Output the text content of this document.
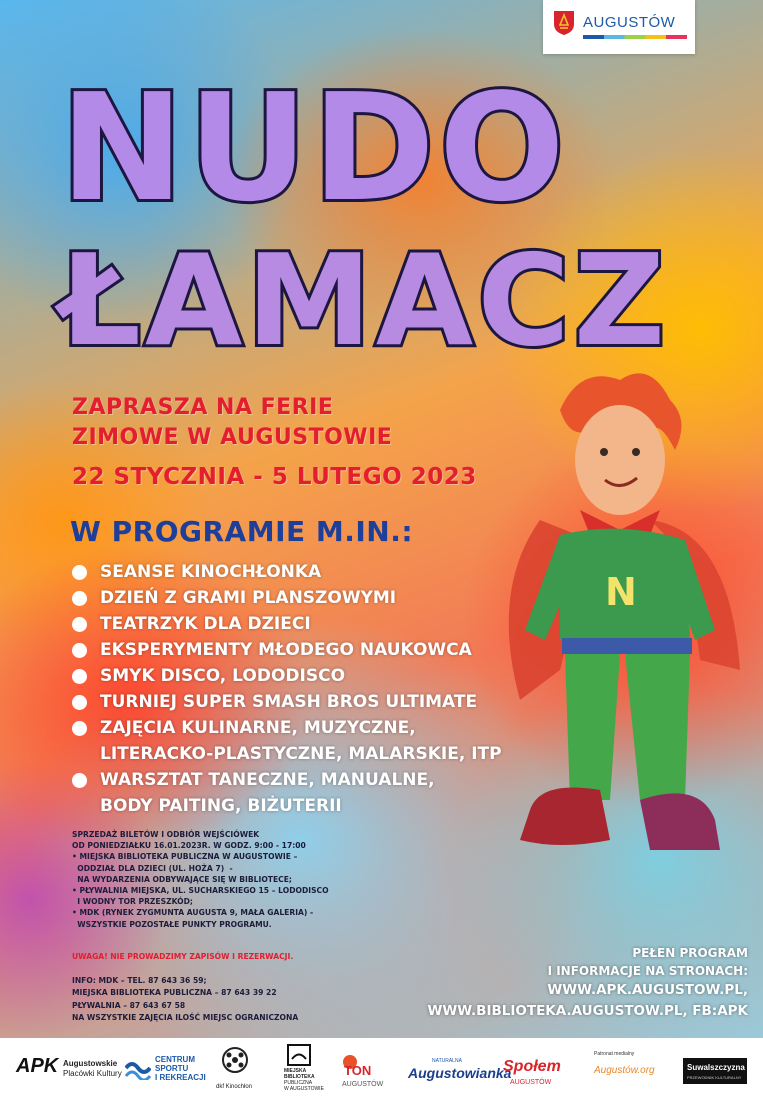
AUGUSTÓW
NUDO
ŁAMACZ
N
ZAPRASZA NA FERIE
ZIMOWE W AUGUSTOWIE
22 STYCZNIA - 5 LUTEGO 2023
W PROGRAMIE M.IN.:
SEANSE KINOCHŁONKA
DZIEŃ Z GRAMI PLANSZOWYMI
TEATRZYK DLA DZIECI
EKSPERYMENTY MŁODEGO NAUKOWCA
SMYK DISCO, LODODISCO
TURNIEJ SUPER SMASH BROS ULTIMATE
ZAJĘCIA KULINARNE, MUZYCZNE,
LITERACKO-PLASTYCZNE, MALARSKIE, ITP
WARSZTAT TANECZNE, MANUALNE,
BODY PAITING, BIŻUTERII
SPRZEDAŻ BILETÓW I ODBIÓR WEJŚCIÓWEK
OD PONIEDZIAŁKU 16.01.2023R. W GODZ. 9:00 - 17:00
• MIEJSKA BIBLIOTEKA PUBLICZNA W AUGUSTOWIE –
ODDZIAŁ DLA DZIECI (UL. HOŻA 7)  -
NA WYDARZENIA ODBYWAJĄCE SIĘ W BIBLIOTECE;
• PŁYWALNIA MIEJSKA, UL. SUCHARSKIEGO 15 – LODODISCO
I WODNY TOR PRZESZKÓD;
• MDK (RYNEK ZYGMUNTA AUGUSTA 9, MAŁA GALERIA) -
WSZYSTKIE POZOSTAŁE PUNKTY PROGRAMU.
UWAGA! NIE PROWADZIMY ZAPISÓW I REZERWACJI.
INFO: MDK – TEL. 87 643 36 59;
MIEJSKA BIBLIOTEKA PUBLICZNA – 87 643 39 22
PŁYWALNIA – 87 643 67 58
NA WSZYSTKIE ZAJĘCIA ILOŚĆ MIEJSC OGRANICZONA
PEŁEN PROGRAM
I INFORMACJE NA STRONACH:
WWW.APK.AUGUSTOW.PL,
WWW.BIBLIOTEKA.AUGUSTOW.PL, FB:APK
APK Augustowskie
Placówki Kultury
CENTRUM
SPORTU
I REKREACJI
dkf Kinochłon
MIEJSKA
BIBLIOTEKA
PUBLICZNA
W AUGUSTOWIE
TON
AUGUSTÓW
NATURALNA
Augustowianka
Społem
AUGUSTÓW
Patronat medialny
Augustów.org	Suwalszczyzna
PRZEWODNIK KULTURALNY
